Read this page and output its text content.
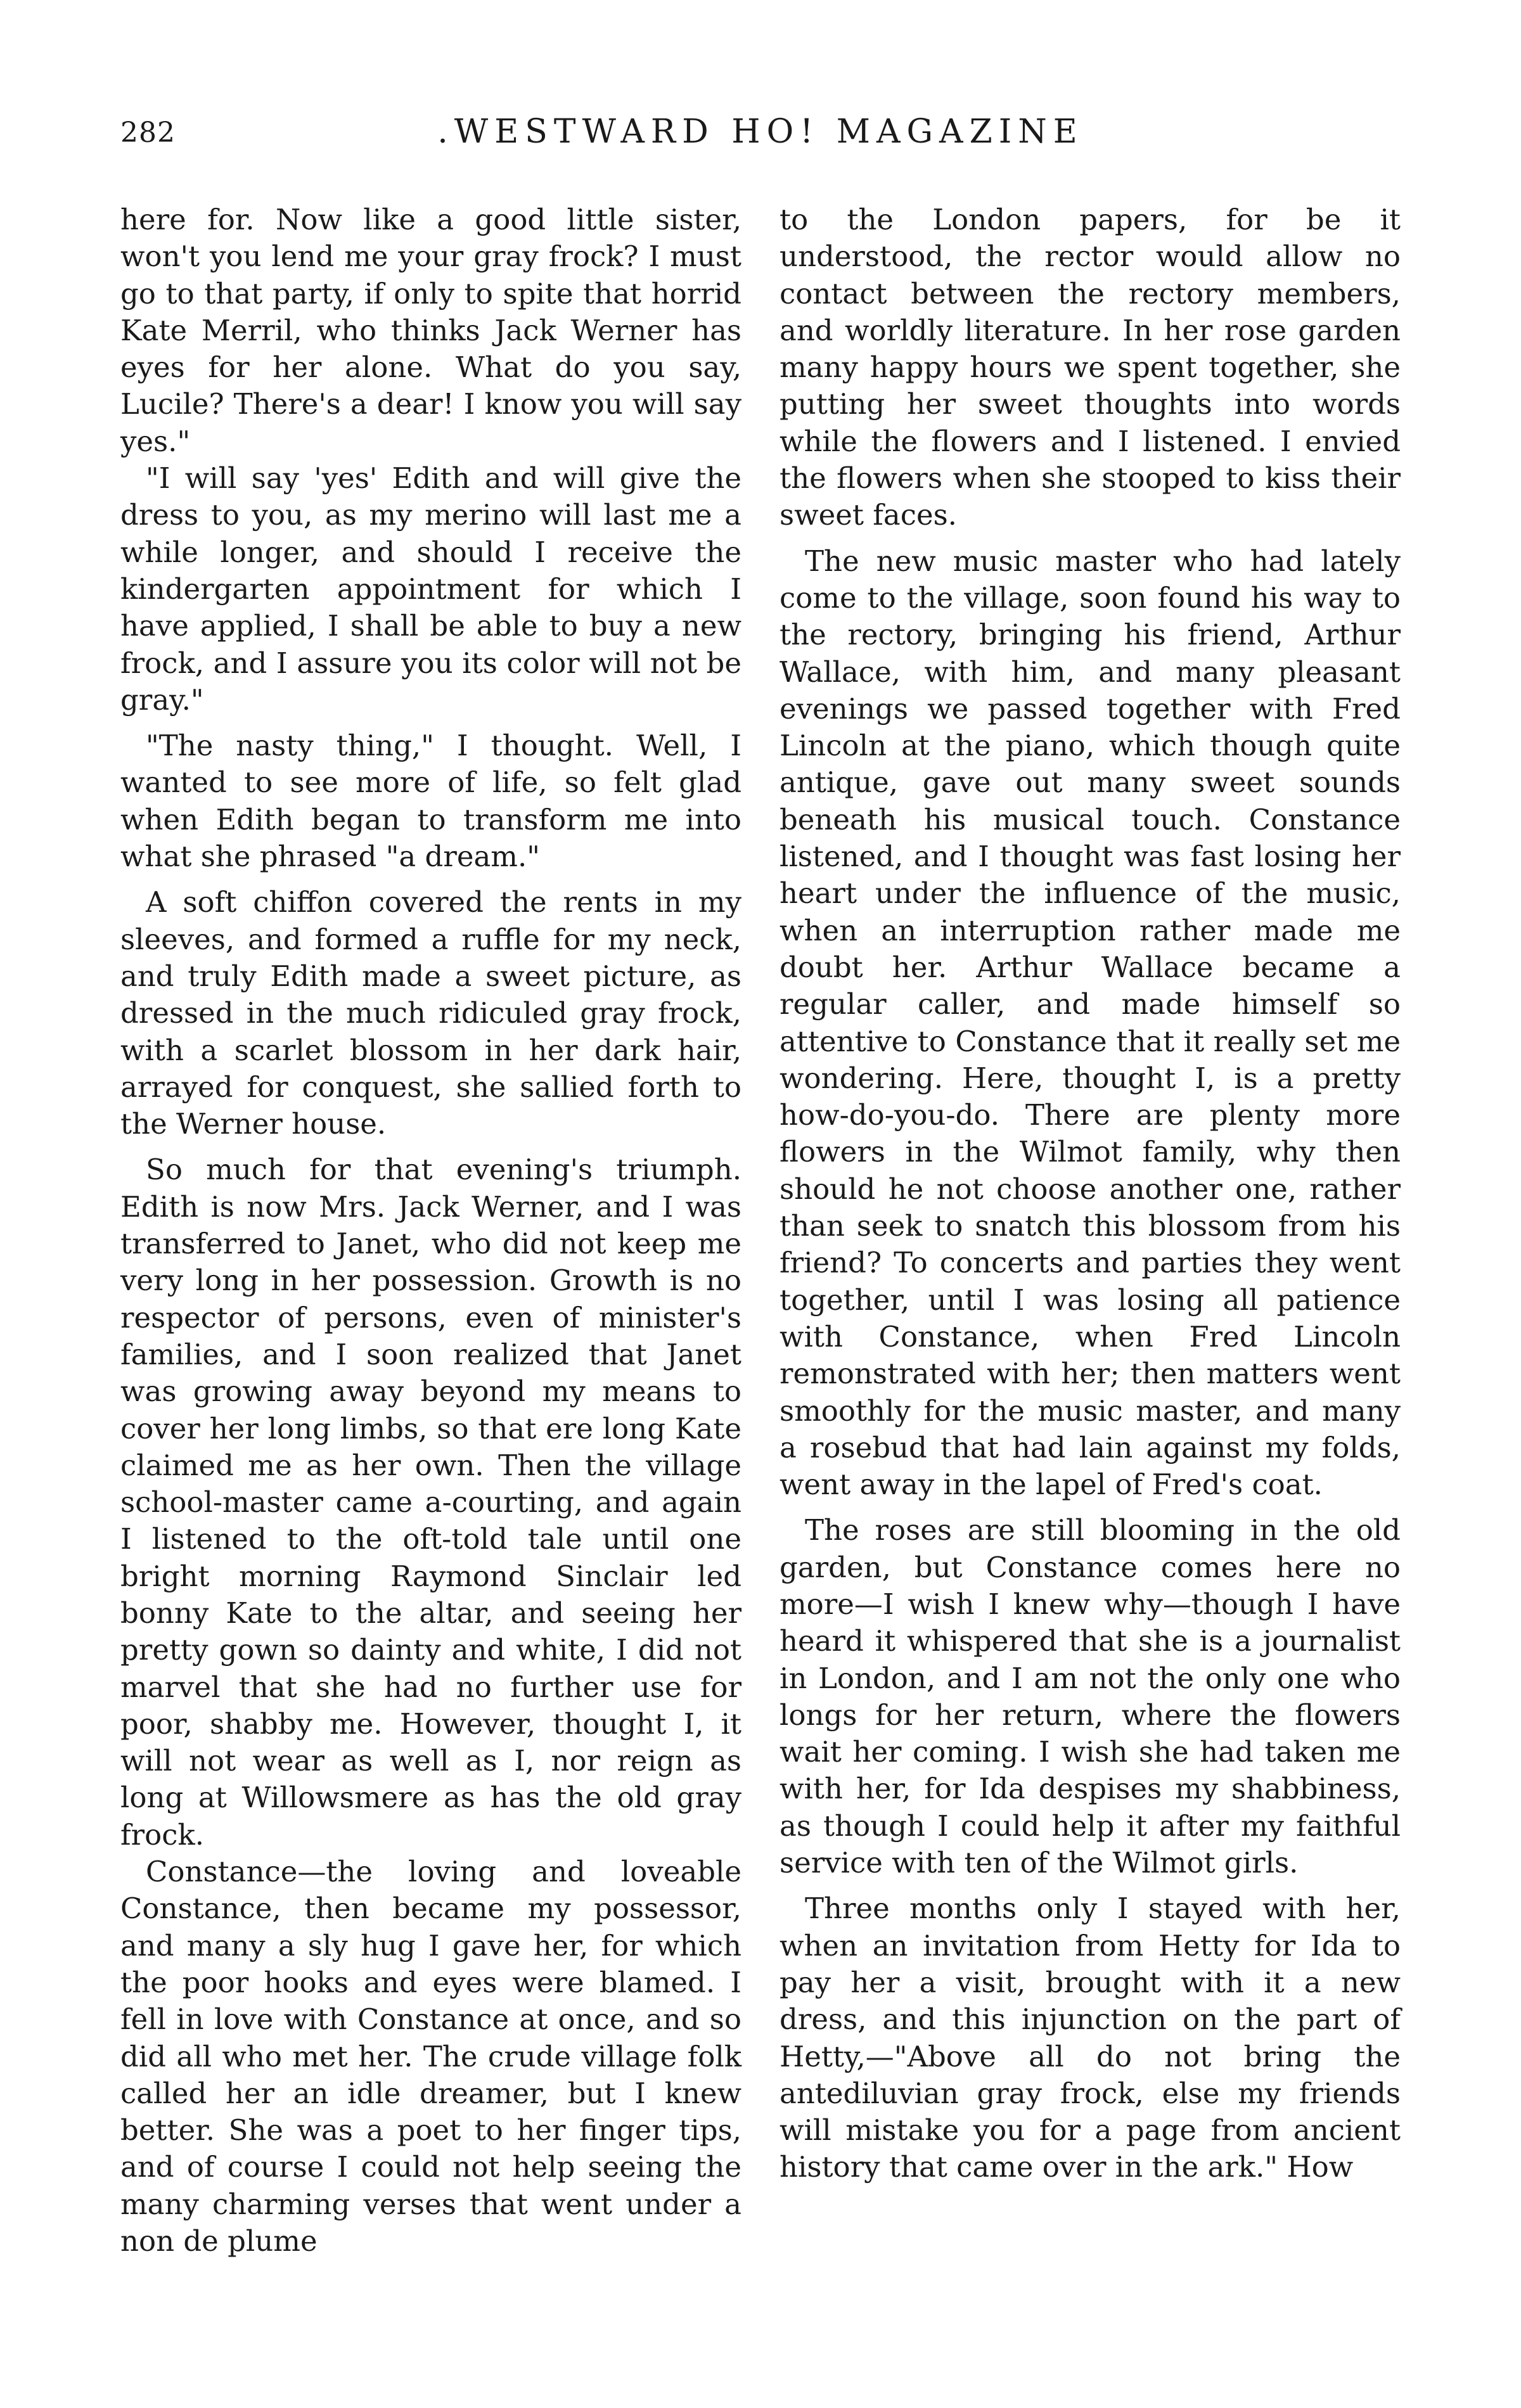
282	.WESTWARD HO! MAGAZINE

here for. Now like a good little sister, won't you lend me your gray frock? I must go to that party, if only to spite that horrid Kate Merril, who thinks Jack Werner has eyes for her alone. What do you say, Lucile? There's a dear! I know you will say yes."

"I will say 'yes' Edith and will give the dress to you, as my merino will last me a while longer, and should I receive the kindergarten appointment for which I have applied, I shall be able to buy a new frock, and I assure you its color will not be gray."

"The nasty thing," I thought. Well, I wanted to see more of life, so felt glad when Edith began to transform me into what she phrased "a dream."

A soft chiffon covered the rents in my sleeves, and formed a ruffle for my neck, and truly Edith made a sweet picture, as dressed in the much ridiculed gray frock, with a scarlet blossom in her dark hair, arrayed for conquest, she sallied forth to the Werner house.

So much for that evening's triumph. Edith is now Mrs. Jack Werner, and I was transferred to Janet, who did not keep me very long in her possession. Growth is no respector of persons, even of minister's families, and I soon realized that Janet was growing away beyond my means to cover her long limbs, so that ere long Kate claimed me as her own. Then the village school-master came a-courting, and again I listened to the oft-told tale until one bright morning Raymond Sinclair led bonny Kate to the altar, and seeing her pretty gown so dainty and white, I did not marvel that she had no further use for poor, shabby me. However, thought I, it will not wear as well as I, nor reign as long at Willowsmere as has the old gray frock.

Constance—the loving and loveable Constance, then became my possessor, and many a sly hug I gave her, for which the poor hooks and eyes were blamed. I fell in love with Constance at once, and so did all who met her. The crude village folk called her an idle dreamer, but I knew better. She was a poet to her finger tips, and of course I could not help seeing the many charming verses that went under a non de plume

to the London papers, for be it understood, the rector would allow no contact between the rectory members, and worldly literature. In her rose garden many happy hours we spent together, she putting her sweet thoughts into words while the flowers and I listened. I envied the flowers when she stooped to kiss their sweet faces.

The new music master who had lately come to the village, soon found his way to the rectory, bringing his friend, Arthur Wallace, with him, and many pleasant evenings we passed together with Fred Lincoln at the piano, which though quite antique, gave out many sweet sounds beneath his musical touch. Constance listened, and I thought was fast losing her heart under the influence of the music, when an interruption rather made me doubt her. Arthur Wallace became a regular caller, and made himself so attentive to Constance that it really set me wondering. Here, thought I, is a pretty how-do-you-do. There are plenty more flowers in the Wilmot family, why then should he not choose another one, rather than seek to snatch this blossom from his friend? To concerts and parties they went together, until I was losing all patience with Constance, when Fred Lincoln remonstrated with her; then matters went smoothly for the music master, and many a rosebud that had lain against my folds, went away in the lapel of Fred's coat.

The roses are still blooming in the old garden, but Constance comes here no more—I wish I knew why—though I have heard it whispered that she is a journalist in London, and I am not the only one who longs for her return, where the flowers wait her coming. I wish she had taken me with her, for Ida despises my shabbiness, as though I could help it after my faithful service with ten of the Wilmot girls.

Three months only I stayed with her, when an invitation from Hetty for Ida to pay her a visit, brought with it a new dress, and this injunction on the part of Hetty,—"Above all do not bring the antediluvian gray frock, else my friends will mistake you for a page from ancient history that came over in the ark." How
